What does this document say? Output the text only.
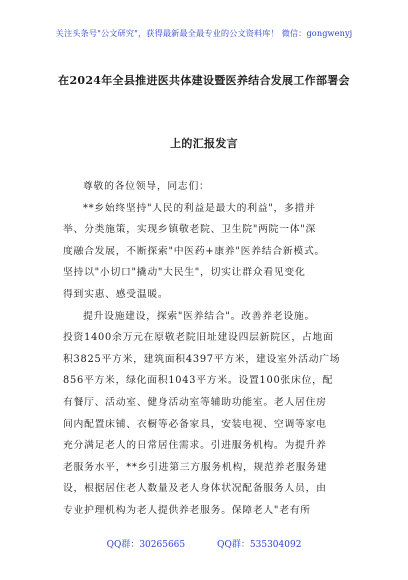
关注头条号"公文研究"，获得最新最全最专业的公文资料库！ 微信：gongwenyj
在2024年全县推进医共体建设暨医养结合发展工作部署会
上的汇报发言
尊敬的各位领导，同志们：
**乡始终坚持"人民的利益是最大的利益"，多措并
举、分类施策，实现乡镇敬老院、卫生院"两院一体"深
度融合发展，不断探索"中医药+康养"医养结合新模式。
坚持以"小切口"撬动"大民生"，切实让群众看见变化
得到实惠、感受温暖。
提升设施建设，探索"医养结合"。改善养老设施。
投资1400余万元在原敬老院旧址建设四层新院区，占地面
积3825平方米，建筑面积4397平方米，建设室外活动广场
856平方米，绿化面积1043平方米。设置100张床位，配
有餐厅、活动室、健身活动室等辅助功能室。老人居住房
间内配置床铺、衣橱等必备家具，安装电视、空调等家电
充分满足老人的日常居住需求。引进服务机构。为提升养
老服务水平，**乡引进第三方服务机构，规范养老服务建
设，根据居住老人数量及老人身体状况配备服务人员，由
专业护理机构为老人提供养老服务。保障老人"老有所
QQ群：30265665	QQ群：535304092
